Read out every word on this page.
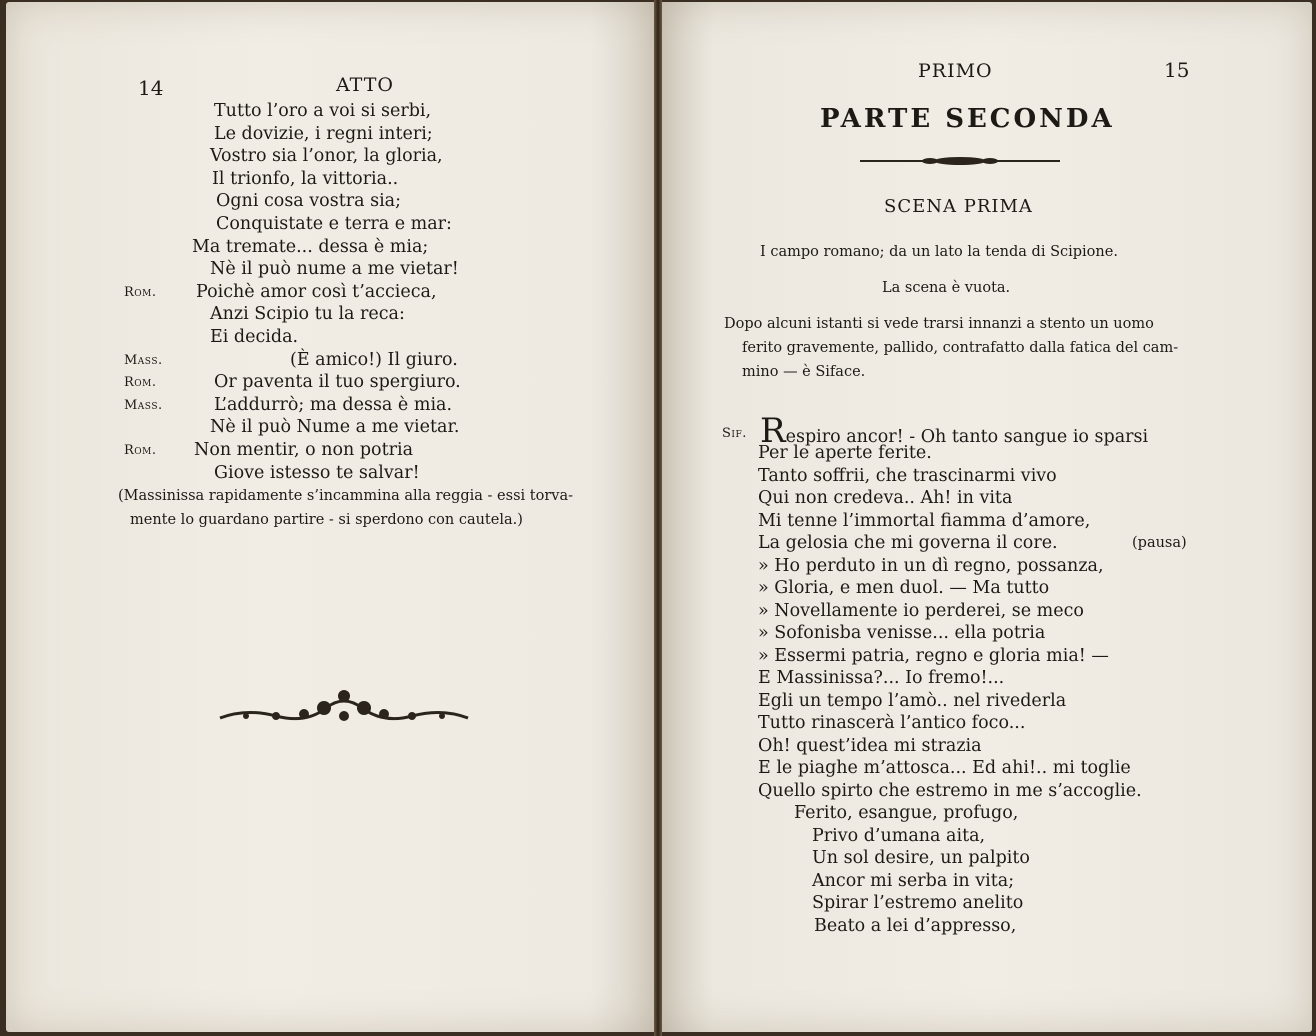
14	ATTO
Tutto l’oro a voi si serbi,
Le dovizie, i regni interi;
Vostro sia l’onor, la gloria,
Il trionfo, la vittoria..
Ogni cosa vostra sia;
Conquistate e terra e mar:
Ma tremate... dessa è mia;
Nè il può nume a me vietar!
Rom. Poichè amor così t’accieca,
Anzi Scipio tu la reca:
Ei decida.
Mass.	(È amico!) Il giuro.
Rom.	Or paventa il tuo spergiuro.
Mass.	L’addurrò; ma dessa è mia.
Nè il può Nume a me vietar.
Rom. Non mentir, o non potria
Giove istesso te salvar!
(Massinissa rapidamente s’incammina alla reggia - essi torva-
mente lo guardano partire - si sperdono con cautela.)
PRIMO	15
PARTE SECONDA
SCENA PRIMA
I campo romano; da un lato la tenda di Scipione.
La scena è vuota.
Dopo alcuni istanti si vede trarsi innanzi a stento un uomo
ferito gravemente, pallido, contrafatto dalla fatica del cam-
mino — è Siface.
Sif. Respiro ancor! - Oh tanto sangue io sparsi
(pausa)
Per le aperte ferite.
Tanto soffrii, che trascinarmi vivo
Qui non credeva.. Ah! in vita
Mi tenne l’immortal fiamma d’amore,
La gelosia che mi governa il core.
» Ho perduto in un dì regno, possanza,
» Gloria, e men duol. — Ma tutto
» Novellamente io perderei, se meco
» Sofonisba venisse... ella potria
» Essermi patria, regno e gloria mia! —
E Massinissa?... Io fremo!...
Egli un tempo l’amò.. nel rivederla
Tutto rinascerà l’antico foco...
Oh! quest’idea mi strazia
E le piaghe m’attosca... Ed ahi!.. mi toglie
Quello spirto che estremo in me s’accoglie.
Ferito, esangue, profugo,
Privo d’umana aita,
Un sol desire, un palpito
Ancor mi serba in vita;
Spirar l’estremo anelito
Beato a lei d’appresso,
